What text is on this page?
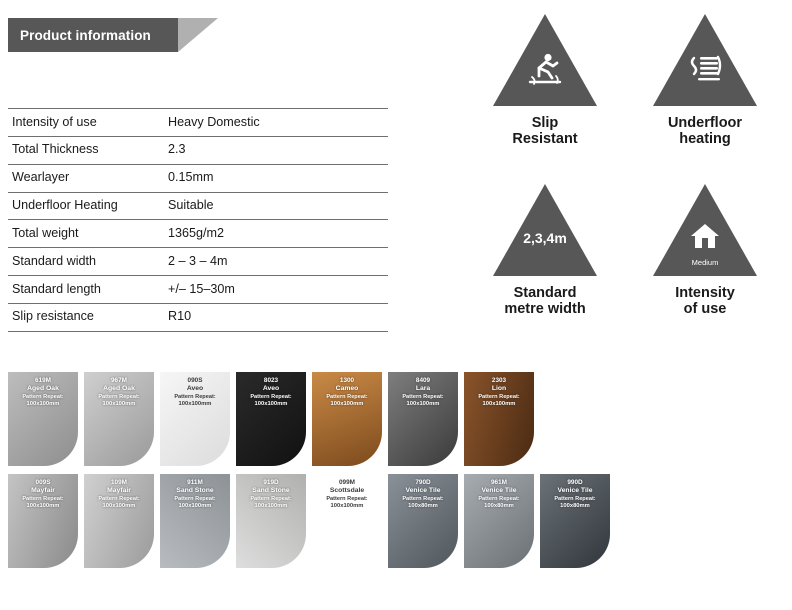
Product information
Intensity of use	Heavy Domestic
Total Thickness	2.3
Wearlayer	0.15mm
Underfloor Heating	Suitable
Total weight	1365g/m2
Standard width	2 – 3 – 4m
Standard length	+/– 15–30m
Slip resistance	R10
Slip
Resistant
Underfloor
heating
2,3,4m
Standard
metre width
Medium
Intensity
of use
619M
Aged Oak
Pattern Repeat:
100x100mm
967M
Aged Oak
Pattern Repeat:
100x100mm
090S
Aveo
Pattern Repeat:
100x100mm
8023
Aveo
Pattern Repeat:
100x100mm
1300
Cameo
Pattern Repeat:
100x100mm
8409
Lara
Pattern Repeat:
100x100mm
2303
Lion
Pattern Repeat:
100x100mm
009S
Mayfair
Pattern Repeat:
100x100mm
109M
Mayfair
Pattern Repeat:
100x100mm
911M
Sand Stone
Pattern Repeat:
100x100mm
919D
Sand Stone
Pattern Repeat:
100x100mm
099M
Scottsdale
Pattern Repeat:
100x100mm
790D
Venice Tile
Pattern Repeat:
100x80mm
961M
Venice Tile
Pattern Repeat:
100x80mm
990D
Venice Tile
Pattern Repeat:
100x80mm
